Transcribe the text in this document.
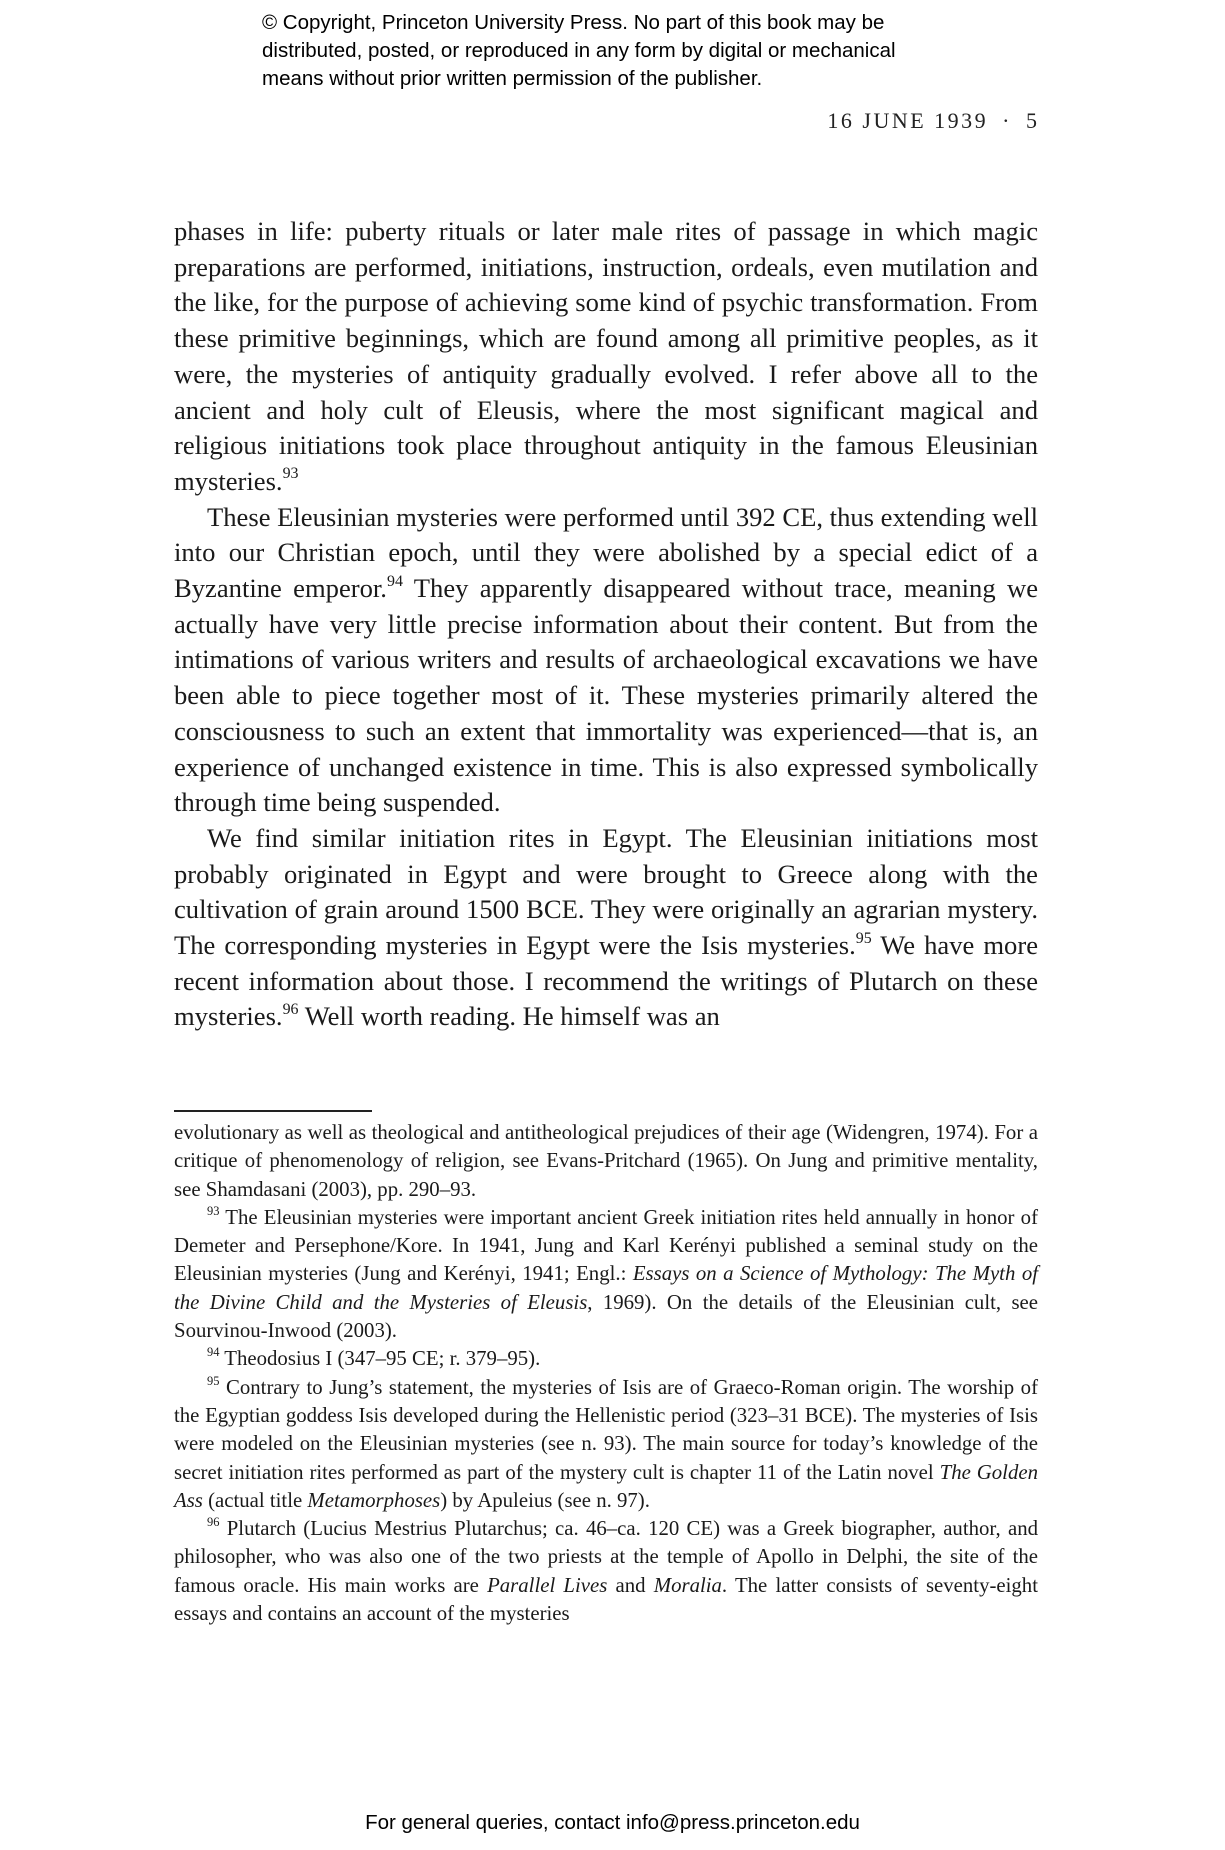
© Copyright, Princeton University Press. No part of this book may be
distributed, posted, or reproduced in any form by digital or mechanical
means without prior written permission of the publisher.
16 JUNE 1939 · 5

phases in life: puberty rituals or later male rites of passage in which magic preparations are performed, initiations, instruction, ordeals, even mutilation and the like, for the purpose of achieving some kind of psychic transformation. From these primitive beginnings, which are found among all primitive peoples, as it were, the mysteries of antiquity gradually evolved. I refer above all to the ancient and holy cult of Eleusis, where the most significant magical and religious initiations took place throughout antiquity in the famous Eleusinian mysteries.$^{93}$

These Eleusinian mysteries were performed until 392 CE, thus extending well into our Christian epoch, until they were abolished by a special edict of a Byzantine emperor.$^{94}$ They apparently disappeared without trace, meaning we actually have very little precise information about their content. But from the intimations of various writers and results of archaeological excavations we have been able to piece together most of it. These mysteries primarily altered the consciousness to such an extent that immortality was experienced—that is, an experience of unchanged existence in time. This is also expressed symbolically through time being suspended.

We find similar initiation rites in Egypt. The Eleusinian initiations most probably originated in Egypt and were brought to Greece along with the cultivation of grain around 1500 BCE. They were originally an agrarian mystery. The corresponding mysteries in Egypt were the Isis mysteries.$^{95}$ We have more recent information about those. I recommend the writings of Plutarch on these mysteries.$^{96}$ Well worth reading. He himself was an

evolutionary as well as theological and antitheological prejudices of their age (Widengren, 1974). For a critique of phenomenology of religion, see Evans-Pritchard (1965). On Jung and primitive mentality, see Shamdasani (2003), pp. 290–93.

$^{93}$ The Eleusinian mysteries were important ancient Greek initiation rites held annually in honor of Demeter and Persephone/Kore. In 1941, Jung and Karl Kerényi published a seminal study on the Eleusinian mysteries (Jung and Kerényi, 1941; Engl.: Essays on a Science of Mythology: The Myth of the Divine Child and the Mysteries of Eleusis, 1969). On the details of the Eleusinian cult, see Sourvinou-Inwood (2003).

$^{94}$ Theodosius I (347–95 CE; r. 379–95).

$^{95}$ Contrary to Jung’s statement, the mysteries of Isis are of Graeco-Roman origin. The worship of the Egyptian goddess Isis developed during the Hellenistic period (323–31 BCE). The mysteries of Isis were modeled on the Eleusinian mysteries (see n. 93). The main source for today’s knowledge of the secret initiation rites performed as part of the mystery cult is chapter 11 of the Latin novel The Golden Ass (actual title Metamorphoses) by Apuleius (see n. 97).

$^{96}$ Plutarch (Lucius Mestrius Plutarchus; ca. 46–ca. 120 CE) was a Greek biographer, author, and philosopher, who was also one of the two priests at the temple of Apollo in Delphi, the site of the famous oracle. His main works are Parallel Lives and Moralia. The latter consists of seventy-eight essays and contains an account of the mysteries

For general queries, contact info@press.princeton.edu
